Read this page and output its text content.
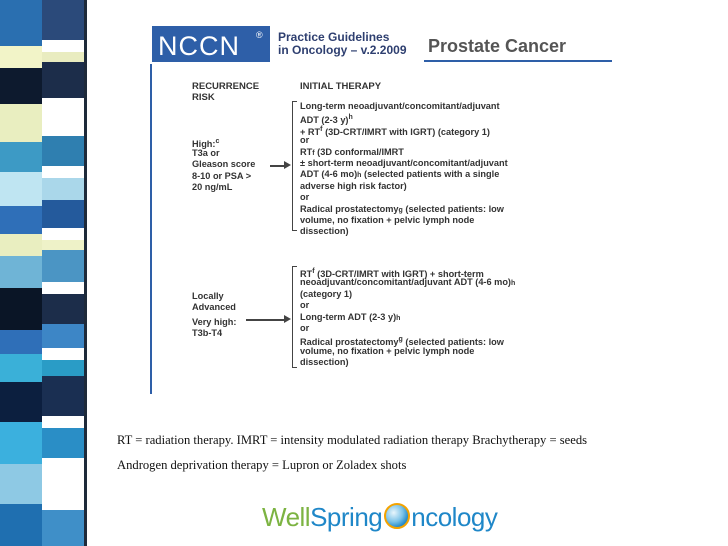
NCCN ® Practice Guidelines
in Oncology – v.2.2009 Prostate Cancer
RECURRENCE
RISK
INITIAL THERAPY
High:$^c$
T3a or
Gleason score
8-10 or PSA >
20 ng/mL
Long-term neoadjuvant/concomitant/adjuvant
ADT (2-3 y)$^h$
+ $RT^f$ (3D-CRT/IMRT with IGRT) (category 1)
or
RTf (3D conformal/IMRT
± short-term neoadjuvant/concomitant/adjuvant
ADT (4-6 mo)h (selected patients with a single
adverse high risk factor)
or
Radical prostatectomyg (selected patients: low
volume, no fixation + pelvic lymph node
dissection)
Locally
Advanced
Very high:
T3b-T4
$RT^f$ (3D-CRT/IMRT with IGRT) + short-term
neoadjuvant/concomitant/adjuvant ADT (4-6 mo)h
(category 1)
or
Long-term ADT (2-3 y)h
or
Radical prostatectomy$^g$ (selected patients: low
volume, no fixation + pelvic lymph node
dissection)
RT = radiation therapy. IMRT = intensity modulated radiation therapy Brachytherapy = seeds
Androgen deprivation therapy = Lupron or Zoladex shots
WellSpring ncology
